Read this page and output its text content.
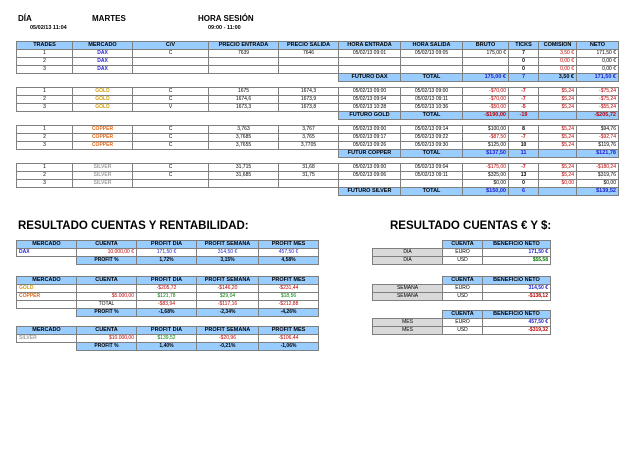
DÍA
05/02/13 11:04
MARTES	HORA SESIÓN
09:00 - 11:00
TRADES	MERCADO	C/V	PRECIO ENTRADA	PRECIO SALIDA	HORA ENTRADA	HORA SALIDA	BRUTO	TICKS	COMISIÓN	NETO
1	DAX	C	7639	7646	05/02/13 09:01	05/02/13 09:05	175,00 €	7	3,50 €	171,50 €
2	DAX							0	0,00 €	0,00 €
3	DAX							0	0,00 €	0,00 €
					FUTURO DAX	TOTAL	175,00 €	7	3,50 €	171,50 €

1	GOLD	C	1675	1674,3	05/02/13 09:00	05/02/13 09:00	-$70,00	-7	$5,24	-$75,24
2	GOLD	C	1674,6	1673,9	05/02/13 09:04	05/02/13 09:11	-$70,00	-7	$5,24	-$75,24
3	GOLD	V	1673,3	1673,8	05/02/13 10:28	05/02/13 10:36	-$50,00	-5	$5,24	-$55,24
					FUTURO GOLD	TOTAL	-$190,00	-19		-$205,72

1	COPPER	C	3,763	3,767	05/02/13 09:00	05/02/13 09:14	$100,00	8	$5,24	$94,76
2	COPPER	C	3,7685	3,765	05/02/13 09:17	05/02/13 09:22	-$87,50	-7	$5,24	-$92,74
3	COPPER	C	3,7655	3,7705	05/02/13 09:26	05/02/13 09:30	$125,00	10	$5,24	$119,76
					FUTUR COPPER	TOTAL	$137,50	11		$121,78

1	SILVER	C	31,715	31,68	05/02/13 09:00	05/02/13 09:04	-$175,00	-7	$5,24	-$180,24
2	SILVER	C	31,685	31,75	05/02/13 09:06	05/02/13 09:11	$325,00	13	$5,24	$319,76
3	SILVER						$0,00	0	$0,00	$0,00
					FUTURO SILVER	TOTAL	$150,00	6		$139,52
RESULTADO CUENTAS Y RENTABILIDAD:
MERCADO	CUENTA	PROFIT DÍA	PROFIT SEMANA	PROFIT MES
DAX	10.000,00 €	171,50 €	314,50 €	457,50 €
	PROFIT %	1,72%	3,15%	4,58%
MERCADO	CUENTA	PROFIT DÍA	PROFIT SEMANA	PROFIT MES
GOLD		-$205,72	-$146,20	-$231,44
COPPER	$5.000,00	$121,78	$29,04	$18,56
	TOTAL	-$83,94	-$117,16	-$212,88
	PROFIT %	-1,68%	-2,34%	-4,26%
MERCADO	CUENTA	PROFIT DÍA	PROFIT SEMANA	PROFIT MES
SILVER	$10.000,00	$139,52	-$20,96	-$106,44
	PROFIT %	1,40%	-0,21%	-1,06%
RESULTADO CUENTAS € Y $:
	CUENTA	BENEFICIO NETO
DÍA	EURO	171,50 €
DÍA	USD	$55,58
	CUENTA	BENEFICIO NETO
SEMANA	EURO	314,50 €
SEMANA	USD	-$138,12
	CUENTA	BENEFICIO NETO
MES	EURO	457,50 €
MES	USD	-$319,32
